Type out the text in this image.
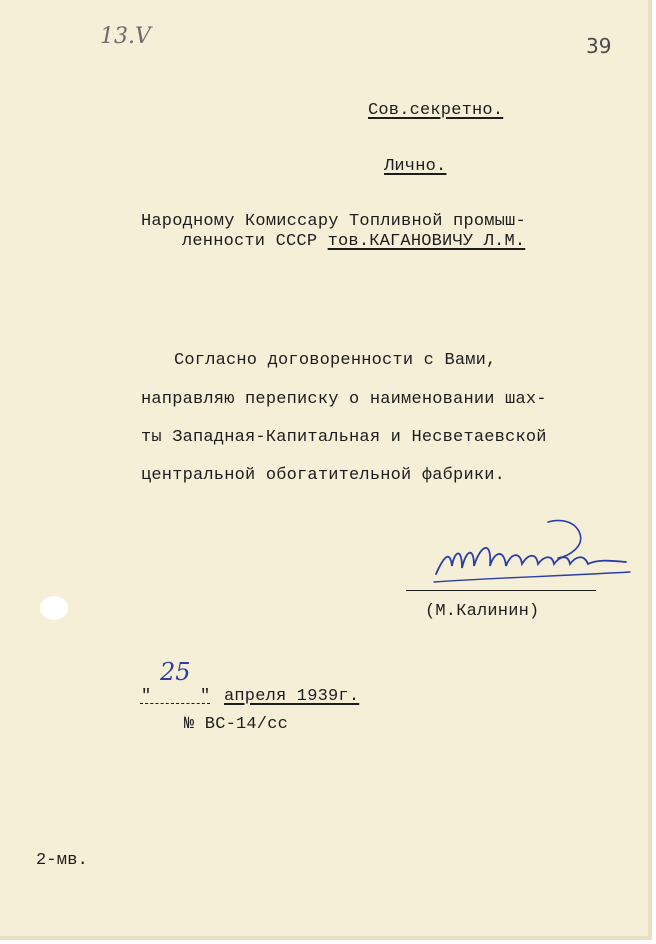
13.V	39
Сов.секретно.
Лично.
Народному Комиссару Топливной промыш-
ленности СССР тов.КАГАНОВИЧУ Л.М.
Согласно договоренности с Вами,
направляю переписку о наименовании шах-
ты Западная-Капитальная и Несветаевской
центральной обогатительной фабрики.
(М.Калинин)
"
25
" апреля 1939г.
№ ВС-14/сс
2-мв.
